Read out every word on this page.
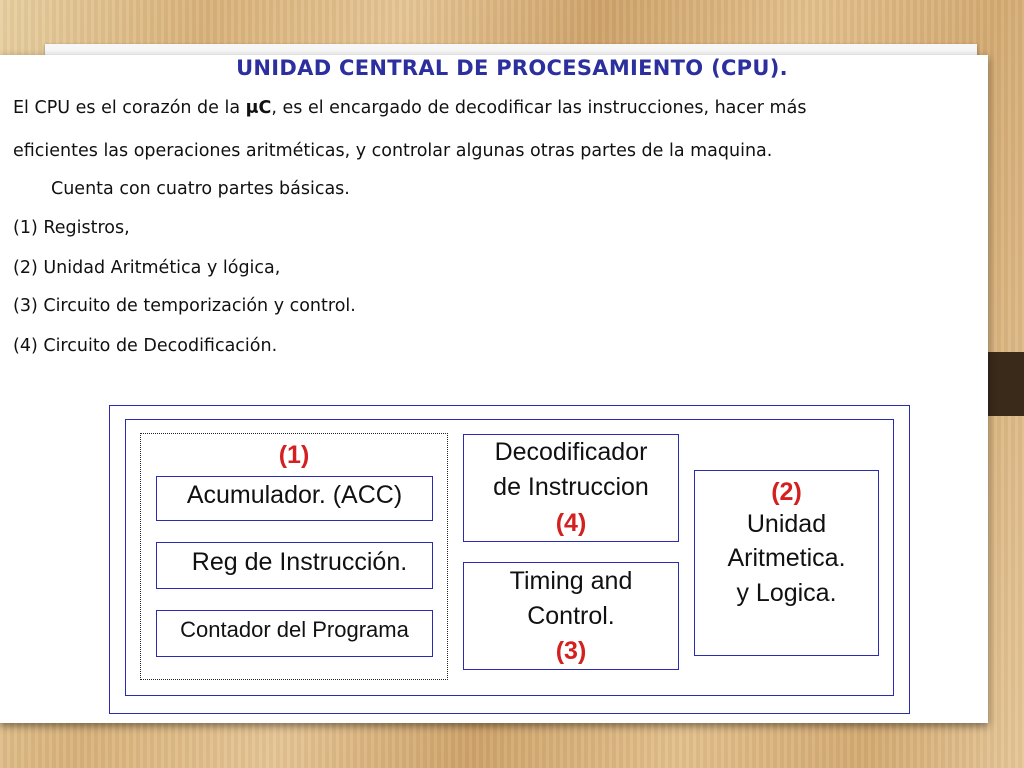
UNIDAD CENTRAL DE PROCESAMIENTO (CPU).
El CPU es el corazón de la μC, es el encargado de decodificar las instrucciones, hacer más
eficientes las operaciones aritméticas, y controlar algunas otras partes de la maquina.
Cuenta con cuatro partes básicas.
(1) Registros,
(2) Unidad Aritmética y lógica,
(3) Circuito de temporización y control.
(4) Circuito de Decodificación.
(1)
Acumulador. (ACC)
Reg de Instrucción.
Contador del Programa
Decodificador
de Instruccion
(4)
Timing and
Control.
(3)
(2)
Unidad
Aritmetica.
y Logica.
